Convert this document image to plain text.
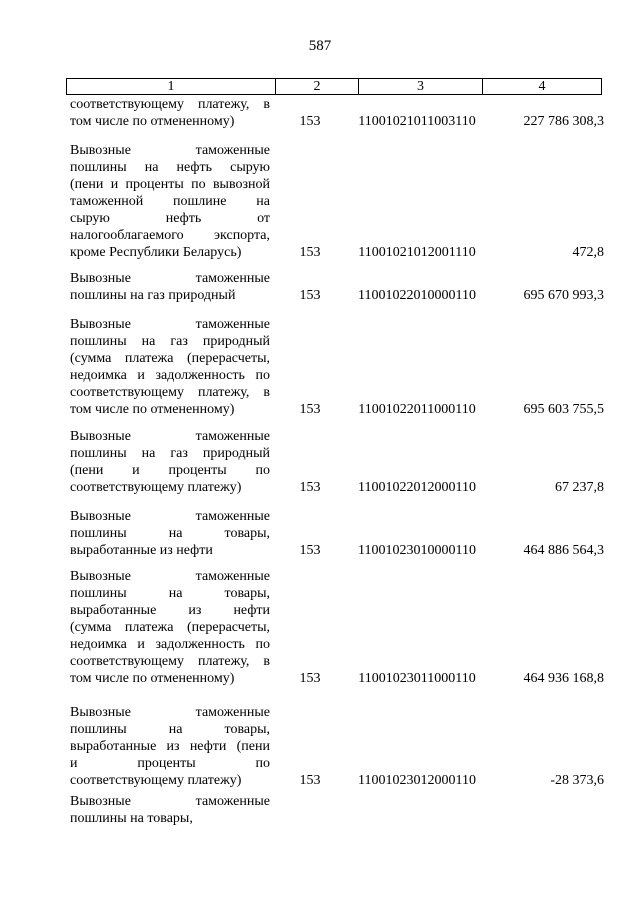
587
1	2	3	4
соответствующему платежу, в
том числе по отмененному)	153	11001021011003110	227 786 308,3
Вывозные таможенные
пошлины на нефть сырую
(пени и проценты по вывозной
таможенной пошлине на
сырую нефть от
налогооблагаемого экспорта,
кроме Республики Беларусь)	153	11001021012001110	472,8
Вывозные таможенные
пошлины на газ природный	153	11001022010000110	695 670 993,3
Вывозные таможенные
пошлины на газ природный
(сумма платежа (перерасчеты,
недоимка и задолженность по
соответствующему платежу, в
том числе по отмененному)	153	11001022011000110	695 603 755,5
Вывозные таможенные
пошлины на газ природный
(пени и проценты по
соответствующему платежу)	153	11001022012000110	67 237,8
Вывозные таможенные
пошлины на товары,
выработанные из нефти	153	11001023010000110	464 886 564,3
Вывозные таможенные
пошлины на товары,
выработанные из нефти
(сумма платежа (перерасчеты,
недоимка и задолженность по
соответствующему платежу, в
том числе по отмененному)	153	11001023011000110	464 936 168,8
Вывозные таможенные
пошлины на товары,
выработанные из нефти (пени
и проценты по
соответствующему платежу)	153	11001023012000110	-28 373,6
Вывозные таможенные
пошлины на товары,
